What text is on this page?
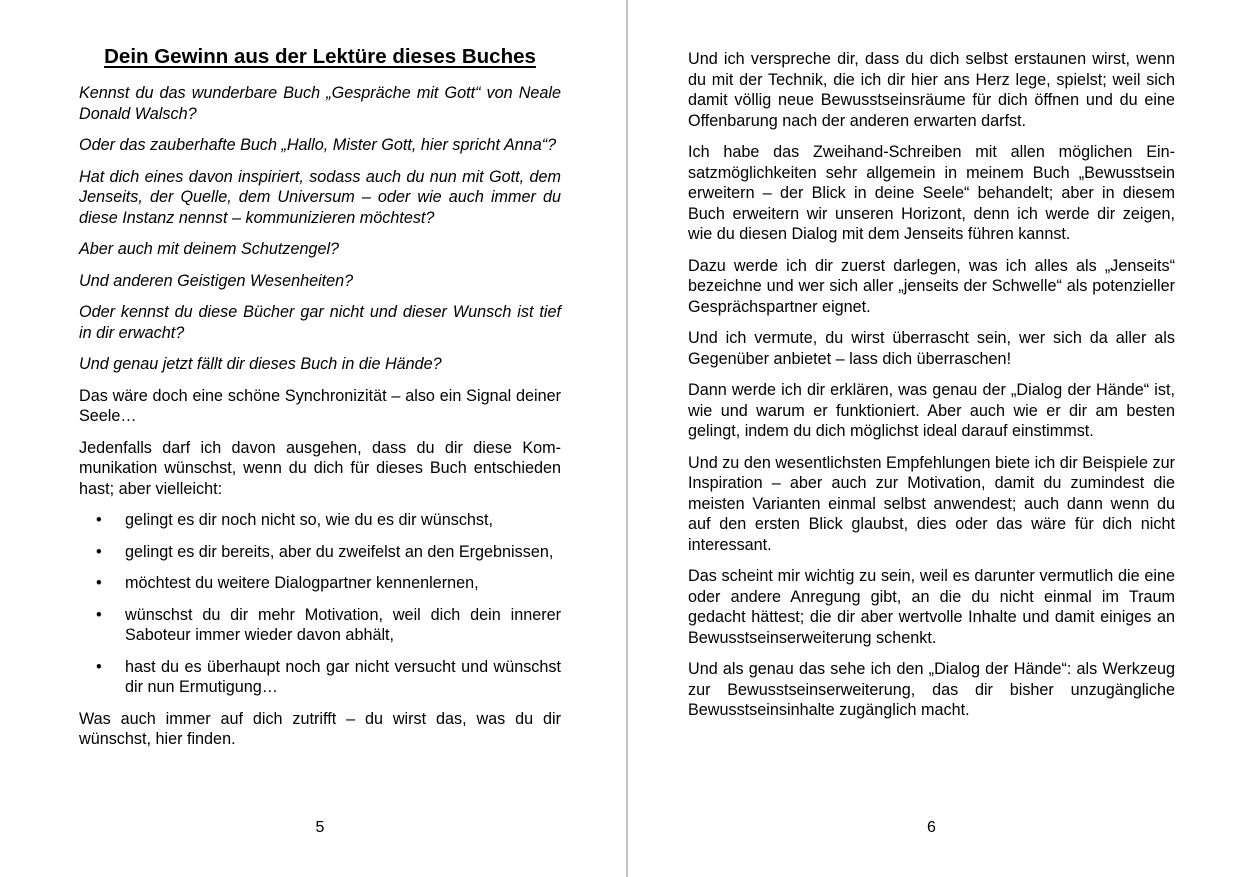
Dein Gewinn aus der Lektüre dieses Buches

Kennst du das wunderbare Buch „Gespräche mit Gott“ von Neale Donald Walsch?

Oder das zauberhafte Buch „Hallo, Mister Gott, hier spricht Anna“?

Hat dich eines davon inspiriert, sodass auch du nun mit Gott, dem Jenseits, der Quelle, dem Universum – oder wie auch immer du diese Instanz nennst – kommunizieren möchtest?

Aber auch mit deinem Schutzengel?

Und anderen Geistigen Wesenheiten?

Oder kennst du diese Bücher gar nicht und dieser Wunsch ist tief in dir erwacht?

Und genau jetzt fällt dir dieses Buch in die Hände?

Das wäre doch eine schöne Synchronizität – also ein Signal deiner Seele…

Jedenfalls darf ich davon ausgehen, dass du dir diese Kommunikation wünschst, wenn du dich für dieses Buch entschieden hast; aber vielleicht:

• gelingt es dir noch nicht so, wie du es dir wünschst,
• gelingt es dir bereits, aber du zweifelst an den Ergebnissen,
• möchtest du weitere Dialogpartner kennenlernen,
• wünschst du dir mehr Motivation, weil dich dein innerer Saboteur immer wieder davon abhält,
• hast du es überhaupt noch gar nicht versucht und wünschst dir nun Ermutigung…

Was auch immer auf dich zutrifft – du wirst das, was du dir wünschst, hier finden.

Und ich verspreche dir, dass du dich selbst erstaunen wirst, wenn du mit der Technik, die ich dir hier ans Herz lege, spielst; weil sich damit völlig neue Bewusstseinsräume für dich öffnen und du eine Offenbarung nach der anderen erwarten darfst.

Ich habe das Zweihand-Schreiben mit allen möglichen Einsatzmöglichkeiten sehr allgemein in meinem Buch „Bewusstsein erweitern – der Blick in deine Seele“ behandelt; aber in diesem Buch erweitern wir unseren Horizont, denn ich werde dir zeigen, wie du diesen Dialog mit dem Jenseits führen kannst.

Dazu werde ich dir zuerst darlegen, was ich alles als „Jenseits“ bezeichne und wer sich aller „jenseits der Schwelle“ als potenzieller Gesprächspartner eignet.

Und ich vermute, du wirst überrascht sein, wer sich da aller als Gegenüber anbietet – lass dich überraschen!

Dann werde ich dir erklären, was genau der „Dialog der Hände“ ist, wie und warum er funktioniert. Aber auch wie er dir am besten gelingt, indem du dich möglichst ideal darauf einstimmst.

Und zu den wesentlichsten Empfehlungen biete ich dir Beispiele zur Inspiration – aber auch zur Motivation, damit du zumindest die meisten Varianten einmal selbst anwendest; auch dann wenn du auf den ersten Blick glaubst, dies oder das wäre für dich nicht interessant.

Das scheint mir wichtig zu sein, weil es darunter vermutlich die eine oder andere Anregung gibt, an die du nicht einmal im Traum gedacht hättest; die dir aber wertvolle Inhalte und damit einiges an Bewusstseinserweiterung schenkt.

Und als genau das sehe ich den „Dialog der Hände“: als Werkzeug zur Bewusstseinserweiterung, das dir bisher unzugängliche Bewusstseinsinhalte zugänglich macht.

5	6
